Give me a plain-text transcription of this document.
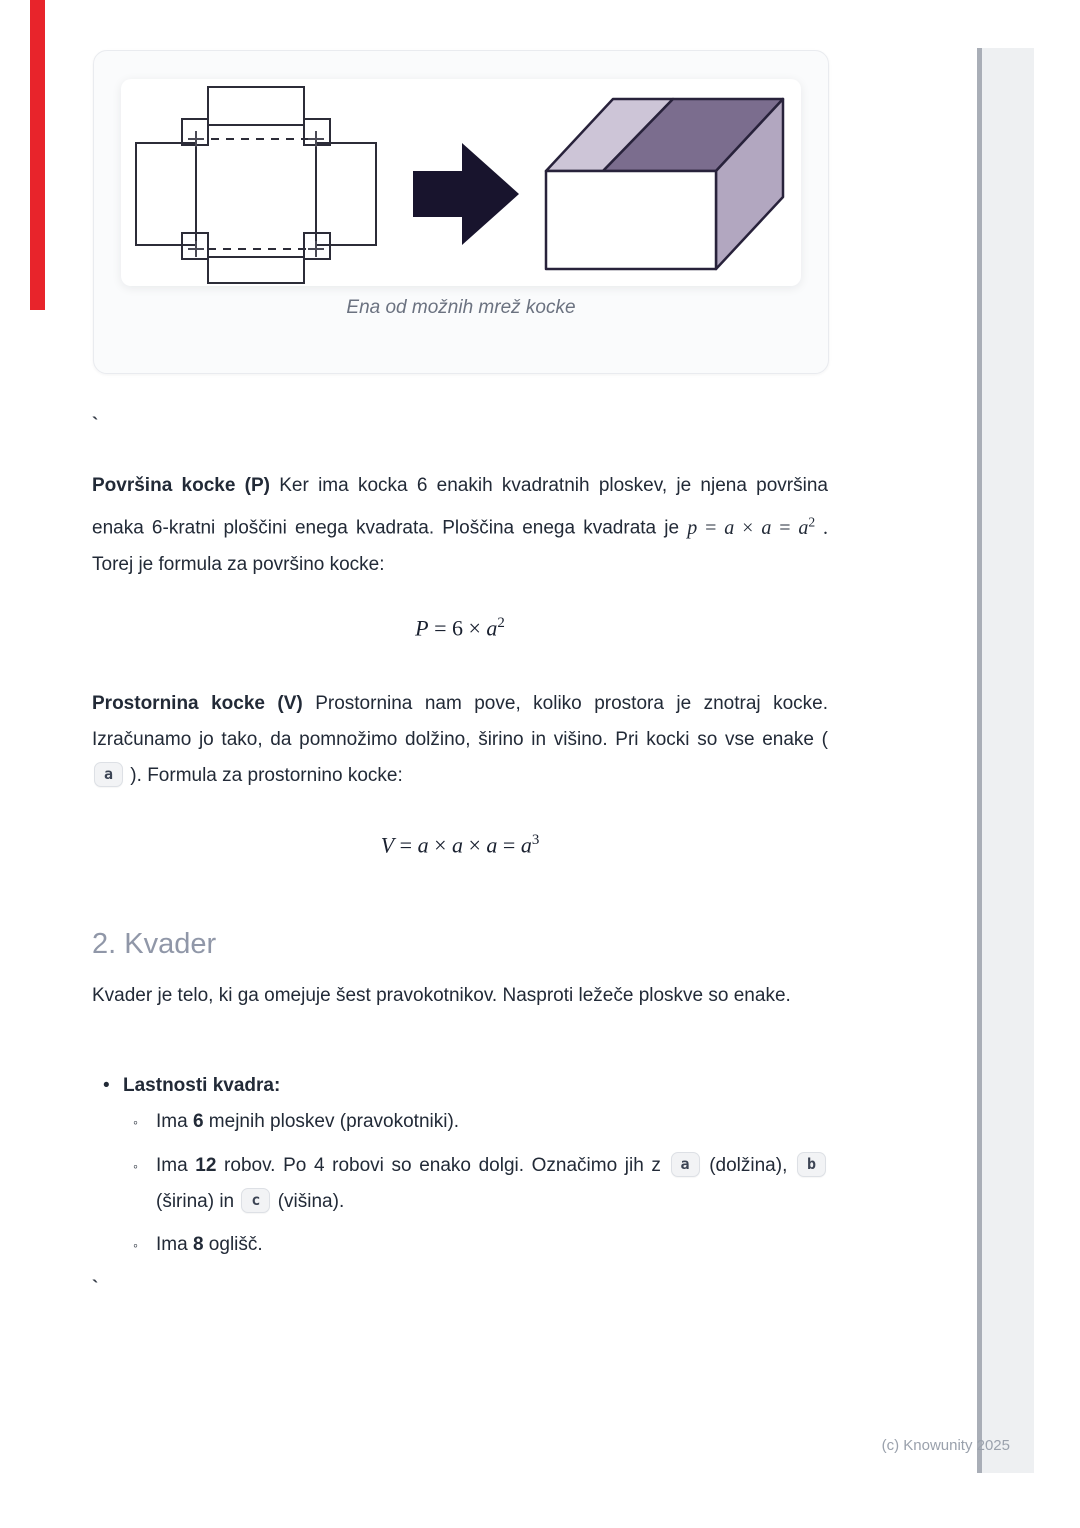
Ena od možnih mrež kocke
`
Površina kocke (P) Ker ima kocka 6 enakih kvadratnih ploskev, je njena površina enaka 6-kratni ploščini enega kvadrata. Ploščina enega kvadrata je $p = a \times a = a^2$ . Torej je formula za površino kocke:
$P = 6 \times a^2$
Prostornina kocke (V) Prostornina nam pove, koliko prostora je znotraj kocke. Izračunamo jo tako, da pomnožimo dolžino, širino in višino. Pri kocki so vse enake ( a ). Formula za prostornino kocke:
$V = a \times a \times a = a^3$
2. Kvader
Kvader je telo, ki ga omejuje šest pravokotnikov. Nasproti ležeče ploskve so enake.
• Lastnosti kvadra:
◦ Ima 6 mejnih ploskev (pravokotniki).
◦ Ima 12 robov. Po 4 robovi so enako dolgi. Označimo jih z a (dolžina), b (širina) in c (višina).
◦ Ima 8 oglišč.
`
(c) Knowunity 2025
